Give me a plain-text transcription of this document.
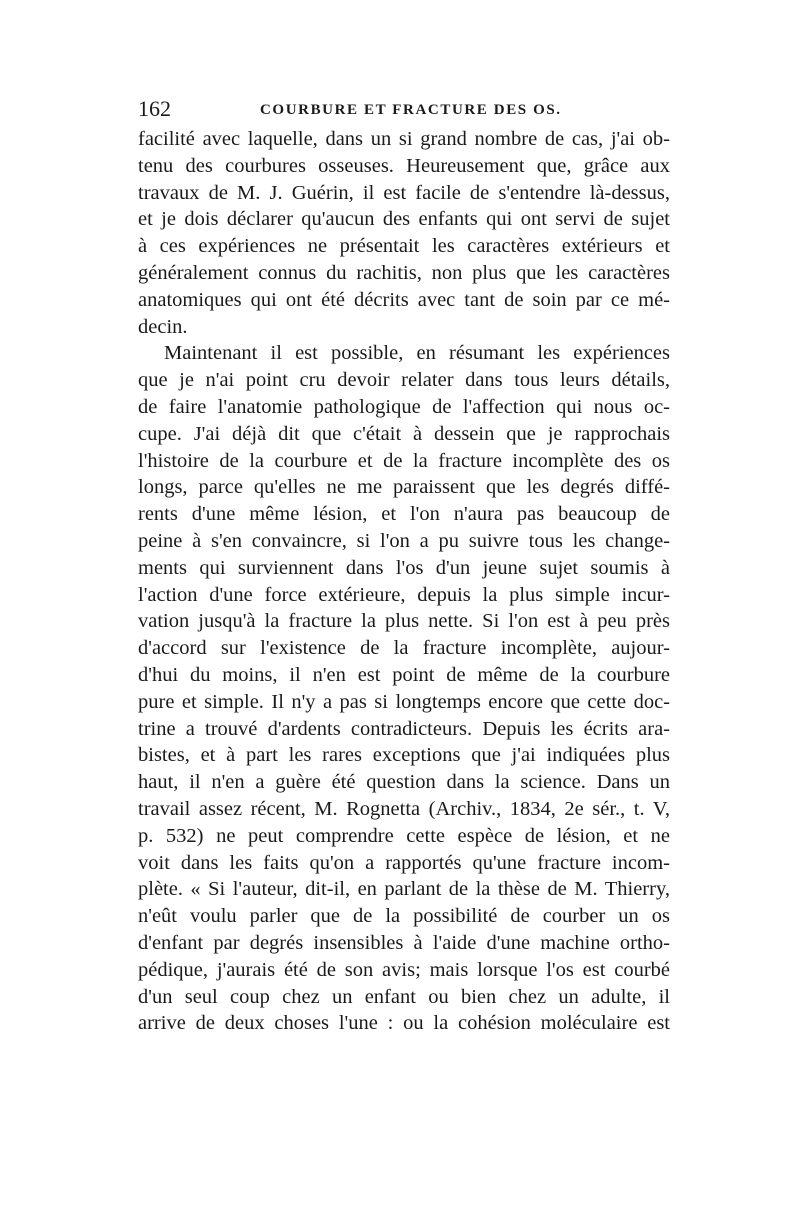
162	COURBURE ET FRACTURE DES OS.
facilité avec laquelle, dans un si grand nombre de cas, j'ai ob-
tenu des courbures osseuses. Heureusement que, grâce aux
travaux de M. J. Guérin, il est facile de s'entendre là-dessus,
et je dois déclarer qu'aucun des enfants qui ont servi de sujet
à ces expériences ne présentait les caractères extérieurs et
généralement connus du rachitis, non plus que les caractères
anatomiques qui ont été décrits avec tant de soin par ce mé-
decin.
Maintenant il est possible, en résumant les expériences
que je n'ai point cru devoir relater dans tous leurs détails,
de faire l'anatomie pathologique de l'affection qui nous oc-
cupe. J'ai déjà dit que c'était à dessein que je rapprochais
l'histoire de la courbure et de la fracture incomplète des os
longs, parce qu'elles ne me paraissent que les degrés diffé-
rents d'une même lésion, et l'on n'aura pas beaucoup de
peine à s'en convaincre, si l'on a pu suivre tous les change-
ments qui surviennent dans l'os d'un jeune sujet soumis à
l'action d'une force extérieure, depuis la plus simple incur-
vation jusqu'à la fracture la plus nette. Si l'on est à peu près
d'accord sur l'existence de la fracture incomplète, aujour-
d'hui du moins, il n'en est point de même de la courbure
pure et simple. Il n'y a pas si longtemps encore que cette doc-
trine a trouvé d'ardents contradicteurs. Depuis les écrits ara-
bistes, et à part les rares exceptions que j'ai indiquées plus
haut, il n'en a guère été question dans la science. Dans un
travail assez récent, M. Rognetta (Archiv., 1834, 2e sér., t. V,
p. 532) ne peut comprendre cette espèce de lésion, et ne
voit dans les faits qu'on a rapportés qu'une fracture incom-
plète. « Si l'auteur, dit-il, en parlant de la thèse de M. Thierry,
n'eût voulu parler que de la possibilité de courber un os
d'enfant par degrés insensibles à l'aide d'une machine ortho-
pédique, j'aurais été de son avis; mais lorsque l'os est courbé
d'un seul coup chez un enfant ou bien chez un adulte, il
arrive de deux choses l'une : ou la cohésion moléculaire est
